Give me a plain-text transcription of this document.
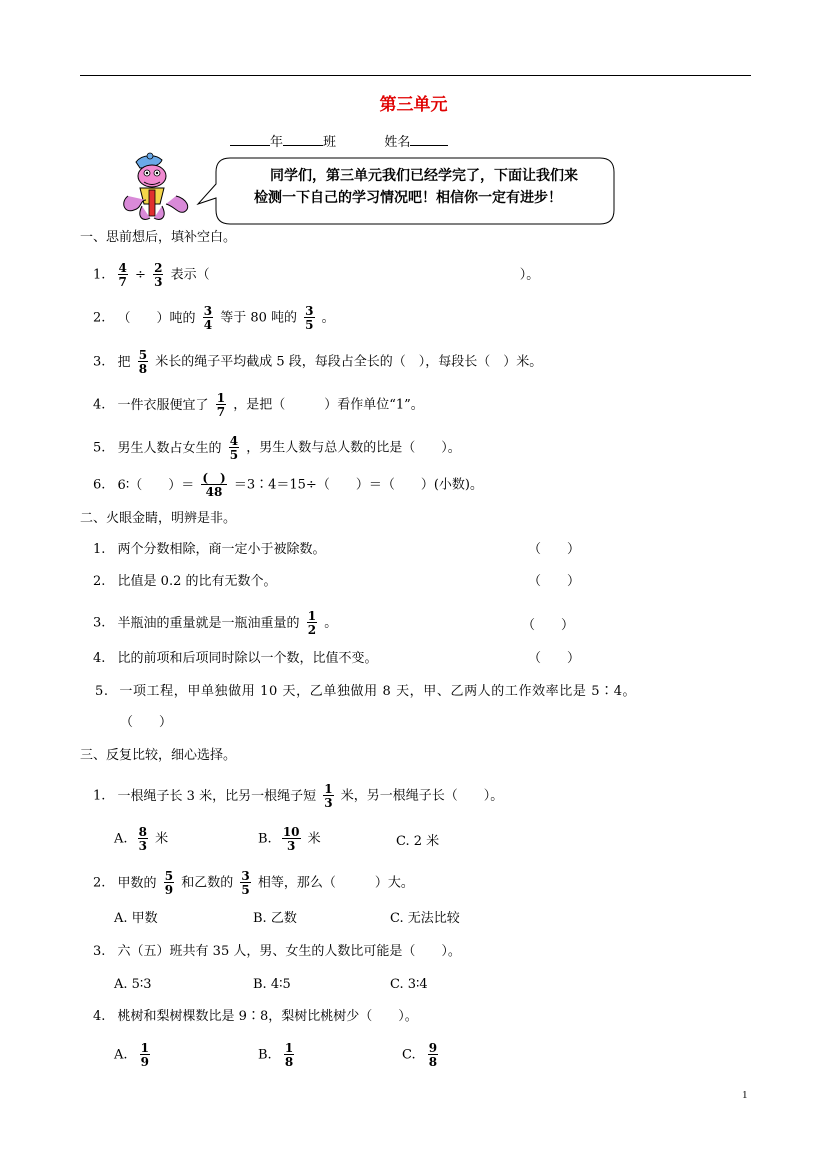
第三单元
年	班	姓名
同学们，第三单元我们已经学完了，下面让我们来
检测一下自己的学习情况吧！相信你一定有进步！
一、思前想后，填补空白。
1. $\frac{4}{7} \div \frac{2}{3}$ 表示（	）。
2. （　　）吨的 $\frac{3}{4}$ 等于 80 吨的 $\frac{3}{5}$ 。
3. 把 $\frac{5}{8}$ 米长的绳子平均截成 5 段，每段占全长的（　），每段长（　）米。
4. 一件衣服便宜了 $\frac{1}{7}$ ，是把（　　　）看作单位“1”。
5. 男生人数占女生的 $\frac{4}{5}$ ，男生人数与总人数的比是（　　）。
6. 6∶（　　）＝ $\frac{( )}{48}$ ＝3∶4＝15÷（　　）＝（　　）(小数)。
二、火眼金睛，明辨是非。
1. 两个分数相除，商一定小于被除数。	（　　）
2. 比值是 0.2 的比有无数个。	（　　）
3. 半瓶油的重量就是一瓶油重量的 $\frac{1}{2}$ 。	（　　）
4. 比的前项和后项同时除以一个数，比值不变。	（　　）
5. 一项工程，甲单独做用 10 天，乙单独做用 8 天，甲、乙两人的工作效率比是 5∶4。
（　　）
三、反复比较，细心选择。
1. 一根绳子长 3 米，比另一根绳子短 $\frac{1}{3}$ 米，另一根绳子长（　　）。
A. $\frac{8}{3}$ 米	B. $\frac{10}{3}$ 米	C. 2 米
2. 甲数的 $\frac{5}{9}$ 和乙数的 $\frac{3}{5}$ 相等，那么（　　　）大。
A. 甲数	B. 乙数	C. 无法比较
3. 六（五）班共有 35 人，男、女生的人数比可能是（　　）。
A. 5∶3	B. 4∶5	C. 3∶4
4. 桃树和梨树棵数比是 9∶8，梨树比桃树少（　　）。
A. $\frac{1}{9}$	B. $\frac{1}{8}$	C. $\frac{9}{8}$
1
